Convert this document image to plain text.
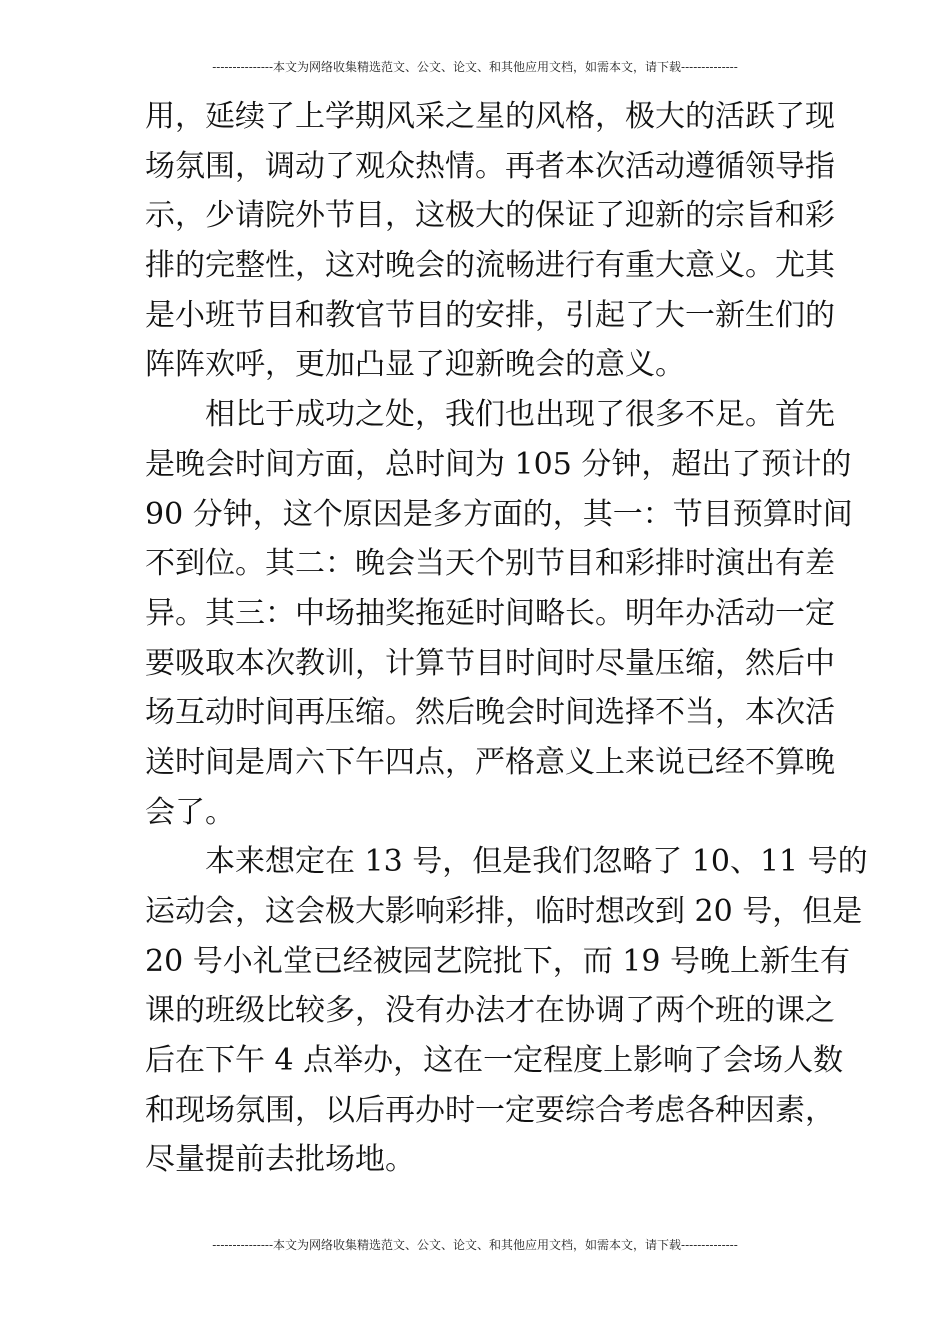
---------------本文为网络收集精选范文、公文、论文、和其他应用文档，如需本文，请下载--------------
用，延续了上学期风采之星的风格，极大的活跃了现
场氛围，调动了观众热情。再者本次活动遵循领导指
示，少请院外节目，这极大的保证了迎新的宗旨和彩
排的完整性，这对晚会的流畅进行有重大意义。尤其
是小班节目和教官节目的安排，引起了大一新生们的
阵阵欢呼，更加凸显了迎新晚会的意义。
相比于成功之处，我们也出现了很多不足。首先
是晚会时间方面，总时间为 105 分钟，超出了预计的
90 分钟，这个原因是多方面的，其一：节目预算时间
不到位。其二：晚会当天个别节目和彩排时演出有差
异。其三：中场抽奖拖延时间略长。明年办活动一定
要吸取本次教训，计算节目时间时尽量压缩，然后中
场互动时间再压缩。然后晚会时间选择不当，本次活
送时间是周六下午四点，严格意义上来说已经不算晚
会了。
本来想定在 13 号，但是我们忽略了 10、11 号的
运动会，这会极大影响彩排，临时想改到 20 号，但是
20 号小礼堂已经被园艺院批下，而 19 号晚上新生有
课的班级比较多，没有办法才在协调了两个班的课之
后在下午 4 点举办，这在一定程度上影响了会场人数
和现场氛围，以后再办时一定要综合考虑各种因素，
尽量提前去批场地。
---------------本文为网络收集精选范文、公文、论文、和其他应用文档，如需本文，请下载--------------
